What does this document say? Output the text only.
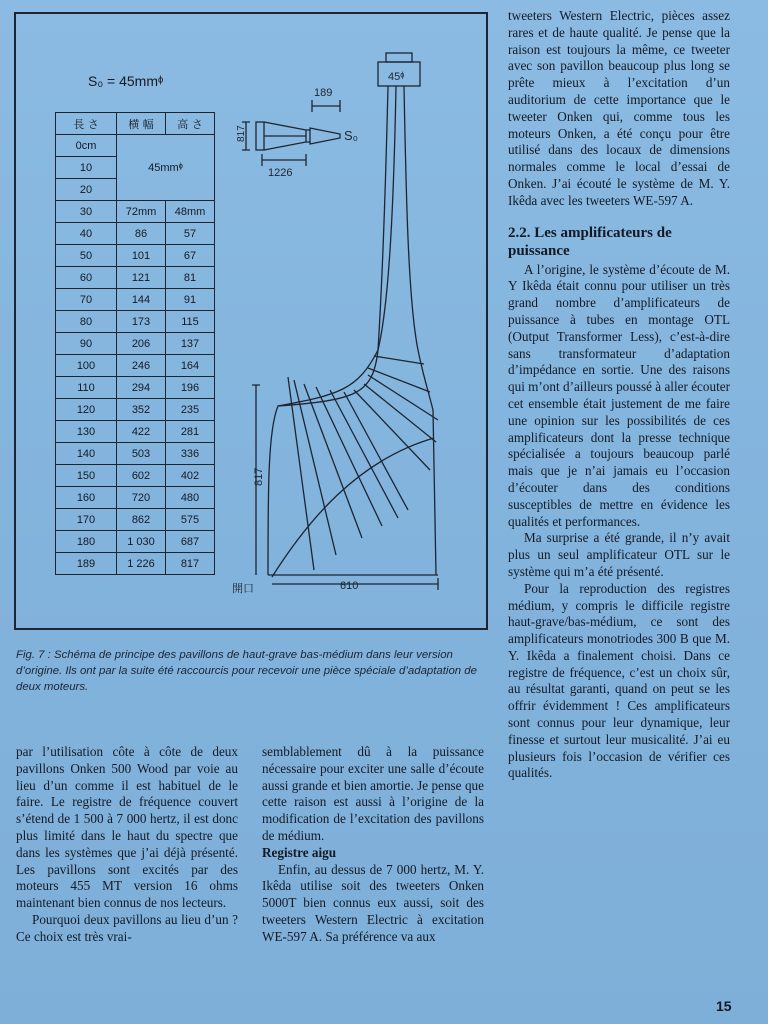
S₀ = 45mmᶲ
長 さ	横 幅	高 さ
0cm	45mmᶲ	
10		
20		
30	72mm	48mm
40	86	57
50	101	67
60	121	81
70	144	91
80	173	115
90	206	137
100	246	164
110	294	196
120	352	235
130	422	281
140	503	336
150	602	402
160	720	480
170	862	575
180	1 030	687
189	1 226	817
189
817
1226
S₀
45ᶲ
817
610
開口
Fig. 7 : Schéma de principe des pavillons de haut-grave bas-médium dans leur version d’origine. Ils ont par la suite été raccourcis pour recevoir une pièce spéciale d’adaptation de deux moteurs.

par l’utilisation côte à côte de deux pavillons Onken 500 Wood par voie au lieu d’un comme il est habituel de le faire. Le registre de fréquence couvert s’étend de 1 500 à 7 000 hertz, il est donc plus limité dans le haut du spectre que dans les systèmes que j’ai déjà présenté. Les pavillons sont excités par des moteurs 455 MT version 16 ohms maintenant bien connus de nos lecteurs.

Pourquoi deux pavillons au lieu d’un ? Ce choix est très vrai-

semblablement dû à la puissance nécessaire pour exciter une salle d’écoute aussi grande et bien amortie. Je pense que cette raison est aussi à l’origine de la modification de l’excitation des pavillons de médium.

Registre aigu

Enfin, au dessus de 7 000 hertz, M. Y. Ikêda utilise soit des tweeters Onken 5000T bien connus eux aussi, soit des tweeters Western Electric à excitation WE-597 A. Sa préférence va aux

tweeters Western Electric, pièces assez rares et de haute qualité. Je pense que la raison est toujours la même, ce tweeter avec son pavillon beaucoup plus long se prête mieux à l’excitation d’un auditorium de cette importance que le tweeter Onken qui, comme tous les moteurs Onken, a été conçu pour être utilisé dans des locaux de dimensions normales comme le local d’essai de Onken. J’ai écouté le système de M. Y. Ikêda avec les tweeters WE-597 A.

2.2. Les amplificateurs de puissance

A l’origine, le système d’écoute de M. Y Ikêda était connu pour utiliser un très grand nombre d’amplificateurs de puissance à tubes en montage OTL (Output Transformer Less), c’est-à-dire sans transformateur d’adaptation d’impédance en sortie. Une des raisons qui m’ont d’ailleurs poussé à aller écouter cet ensemble était justement de me faire une opinion sur les possibilités de ces amplificateurs dont la presse technique spécialisée a toujours beaucoup parlé mais que je n’ai jamais eu l’occasion d’écouter dans des conditions susceptibles de mettre en évidence les qualités et performances.

Ma surprise a été grande, il n’y avait plus un seul amplificateur OTL sur le système qui m’a été présenté.

Pour la reproduction des registres médium, y compris le difficile registre haut-grave/bas-médium, ce sont des amplificateurs monotriodes 300 B que M. Y. Ikêda a finalement choisi. Dans ce registre de fréquence, c’est un choix sûr, au résultat garanti, quand on peut se les offrir évidemment ! Ces amplificateurs sont connus pour leur dynamique, leur finesse et surtout leur musicalité. J’ai eu plusieurs fois l’occasion de vérifier ces qualités.

15
